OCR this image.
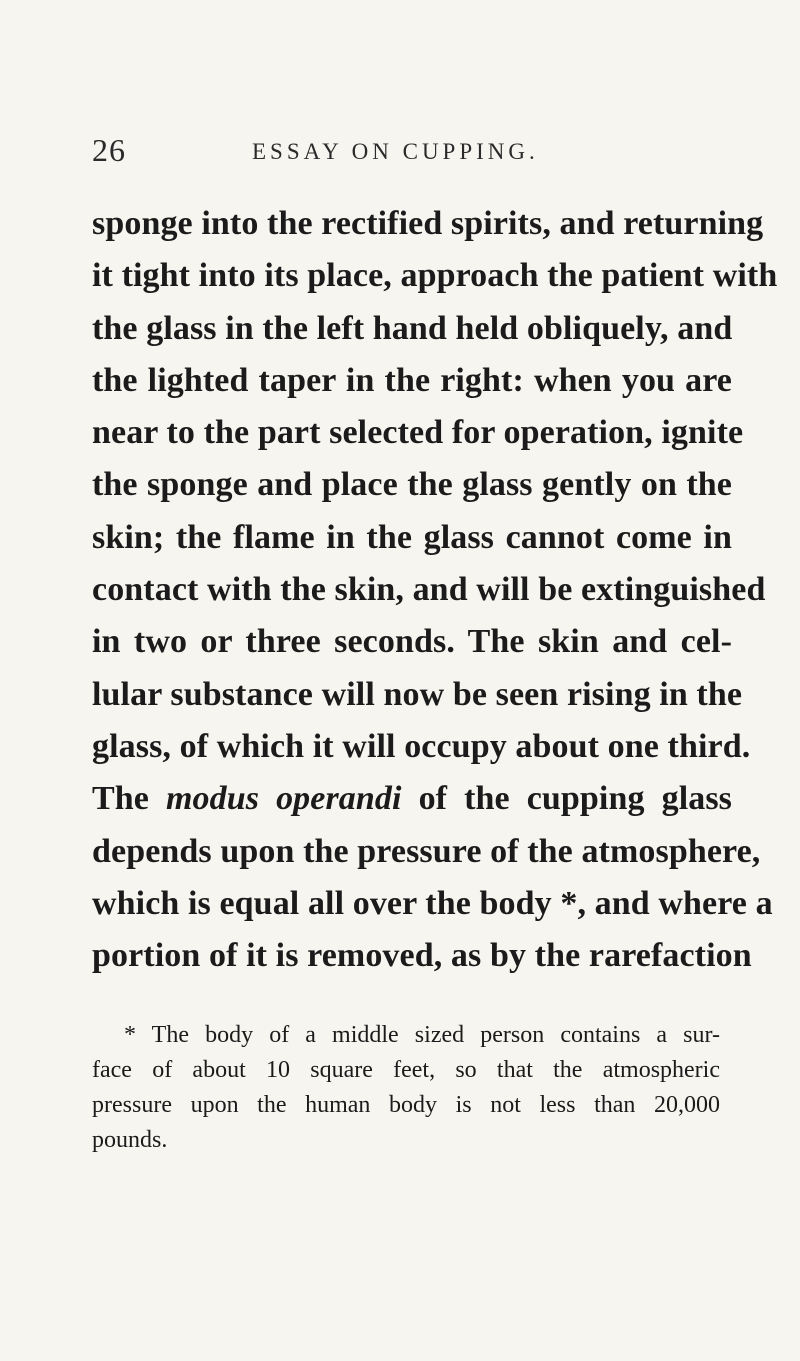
26	ESSAY ON CUPPING.
sponge into the rectified spirits, and returning
it tight into its place, approach the patient with
the glass in the left hand held obliquely, and
the lighted taper in the right: when you are
near to the part selected for operation, ignite
the sponge and place the glass gently on the
skin; the flame in the glass cannot come in
contact with the skin, and will be extinguished
in two or three seconds. The skin and cel-
lular substance will now be seen rising in the
glass, of which it will occupy about one third.
The modus operandi of the cupping glass
depends upon the pressure of the atmosphere,
which is equal all over the body *, and where a
portion of it is removed, as by the rarefaction
* The body of a middle sized person contains a sur-
face of about 10 square feet, so that the atmospheric
pressure upon the human body is not less than 20,000
pounds.
